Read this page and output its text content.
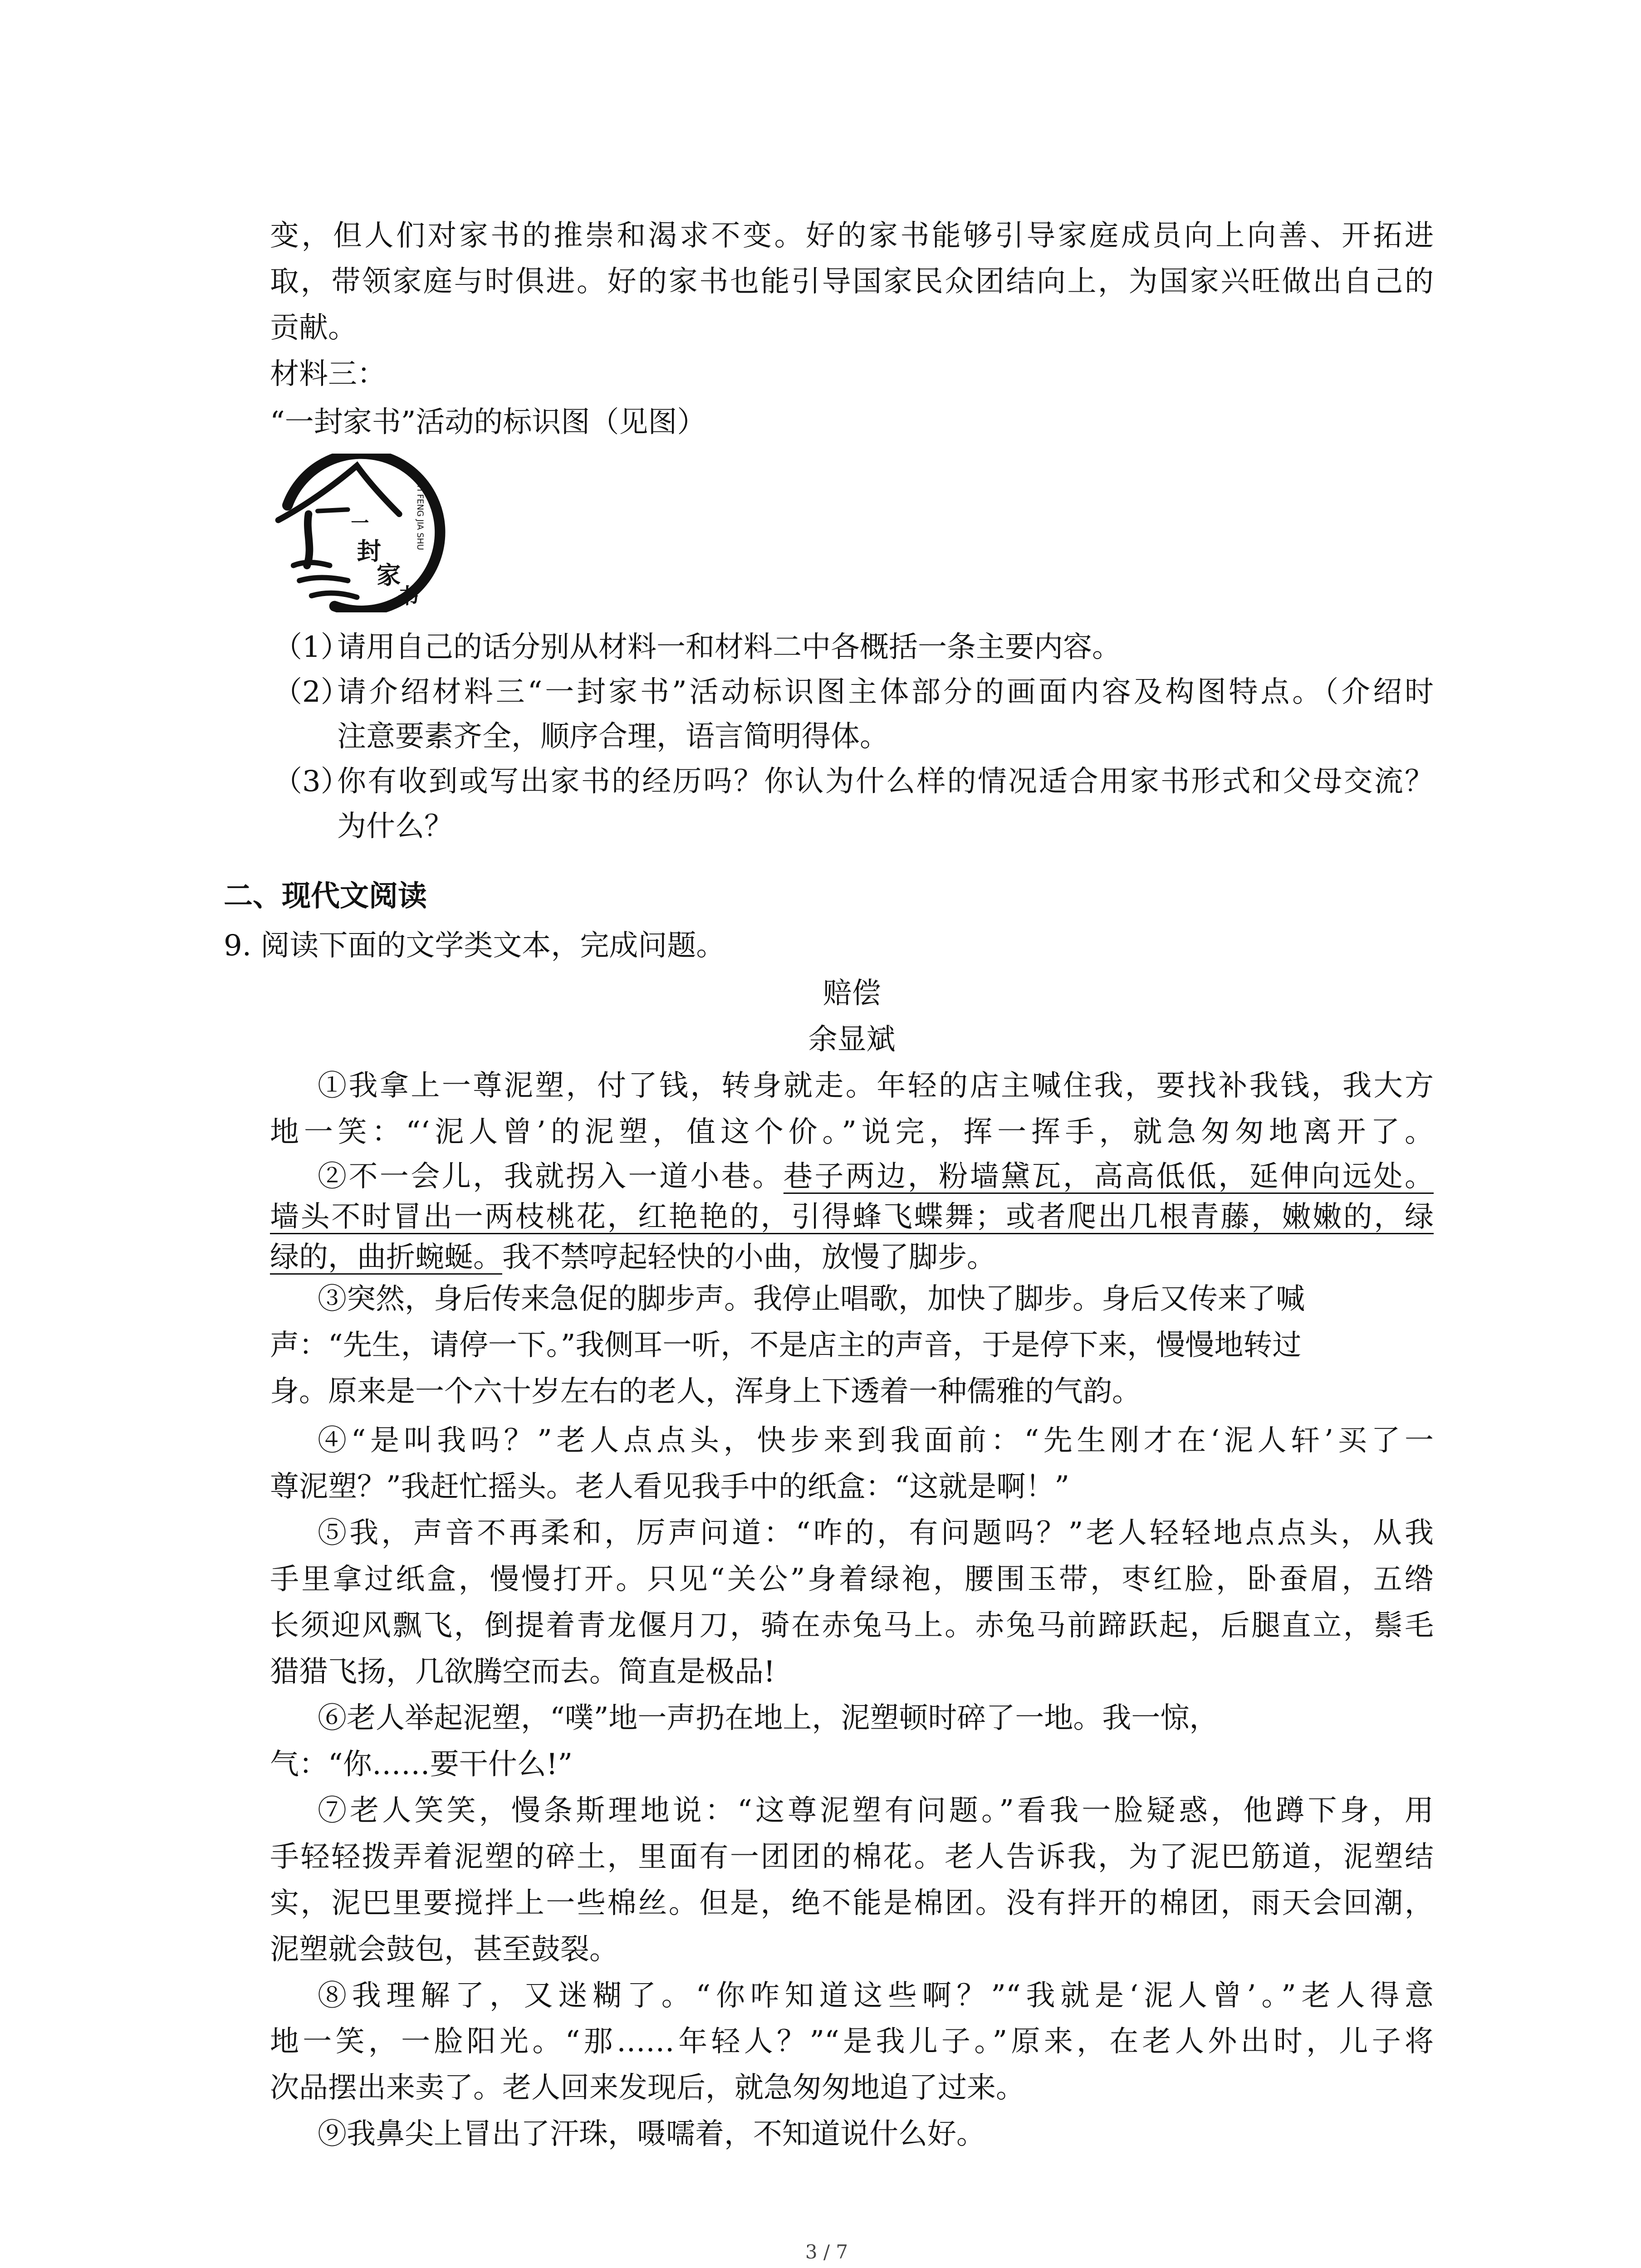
变，但人们对家书的推崇和渴求不变。好的家书能够引导家庭成员向上向善、开拓进
取，带领家庭与时俱进。好的家书也能引导国家民众团结向上，为国家兴旺做出自己的
贡献。
材料三：
“一封家书”活动的标识图（见图）
一
封
家
书
YI FENG JIA SHU
（1）
请用自己的话分别从材料一和材料二中各概括一条主要内容。
（2）
请介绍材料三“一封家书”活动标识图主体部分的画面内容及构图特点。（介绍时
注意要素齐全，顺序合理，语言简明得体。
（3）
你有收到或写出家书的经历吗？你认为什么样的情况适合用家书形式和父母交流？
为什么？
二、现代文阅读
9. 阅读下面的文学类文本，完成问题。
赔偿
余显斌
①我拿上一尊泥塑，付了钱，转身就走。年轻的店主喊住我，要找补我钱，我大方
地一笑：“‘泥人曾’的泥塑，值这个价。”说完，挥一挥手，就急匆匆地离开了。
②不一会儿，我就拐入一道小巷。巷子两边，粉墙黛瓦，高高低低，延伸向远处。
墙头不时冒出一两枝桃花，红艳艳的，引得蜂飞蝶舞；或者爬出几根青藤，嫩嫩的，绿
绿的，曲折蜿蜒。我不禁哼起轻快的小曲，放慢了脚步。
③突然，身后传来急促的脚步声。我停止唱歌，加快了脚步。身后又传来了喊
声：“先生，请停一下。”我侧耳一听，不是店主的声音，于是停下来，慢慢地转过
身。原来是一个六十岁左右的老人，浑身上下透着一种儒雅的气韵。
④“是叫我吗？”老人点点头，快步来到我面前：“先生刚才在‘泥人轩’买了一
尊泥塑？”我赶忙摇头。老人看见我手中的纸盒：“这就是啊！”
⑤我，声音不再柔和，厉声问道：“咋的，有问题吗？”老人轻轻地点点头，从我
手里拿过纸盒，慢慢打开。只见“关公”身着绿袍，腰围玉带，枣红脸，卧蚕眉，五绺
长须迎风飘飞，倒提着青龙偃月刀，骑在赤兔马上。赤兔马前蹄跃起，后腿直立，鬃毛
猎猎飞扬，几欲腾空而去。简直是极品!
⑥老人举起泥塑，“噗”地一声扔在地上，泥塑顿时碎了一地。我一惊，
气：“你……要干什么!”
⑦老人笑笑，慢条斯理地说：“这尊泥塑有问题。”看我一脸疑惑，他蹲下身，用
手轻轻拨弄着泥塑的碎土，里面有一团团的棉花。老人告诉我，为了泥巴筋道，泥塑结
实，泥巴里要搅拌上一些棉丝。但是，绝不能是棉团。没有拌开的棉团，雨天会回潮，
泥塑就会鼓包，甚至鼓裂。
⑧我理解了，又迷糊了。“你咋知道这些啊？”“我就是‘泥人曾’。”老人得意
地一笑，一脸阳光。“那……年轻人？”“是我儿子。”原来，在老人外出时，儿子将
次品摆出来卖了。老人回来发现后，就急匆匆地追了过来。
⑨我鼻尖上冒出了汗珠，嗫嚅着，不知道说什么好。
3 / 7
